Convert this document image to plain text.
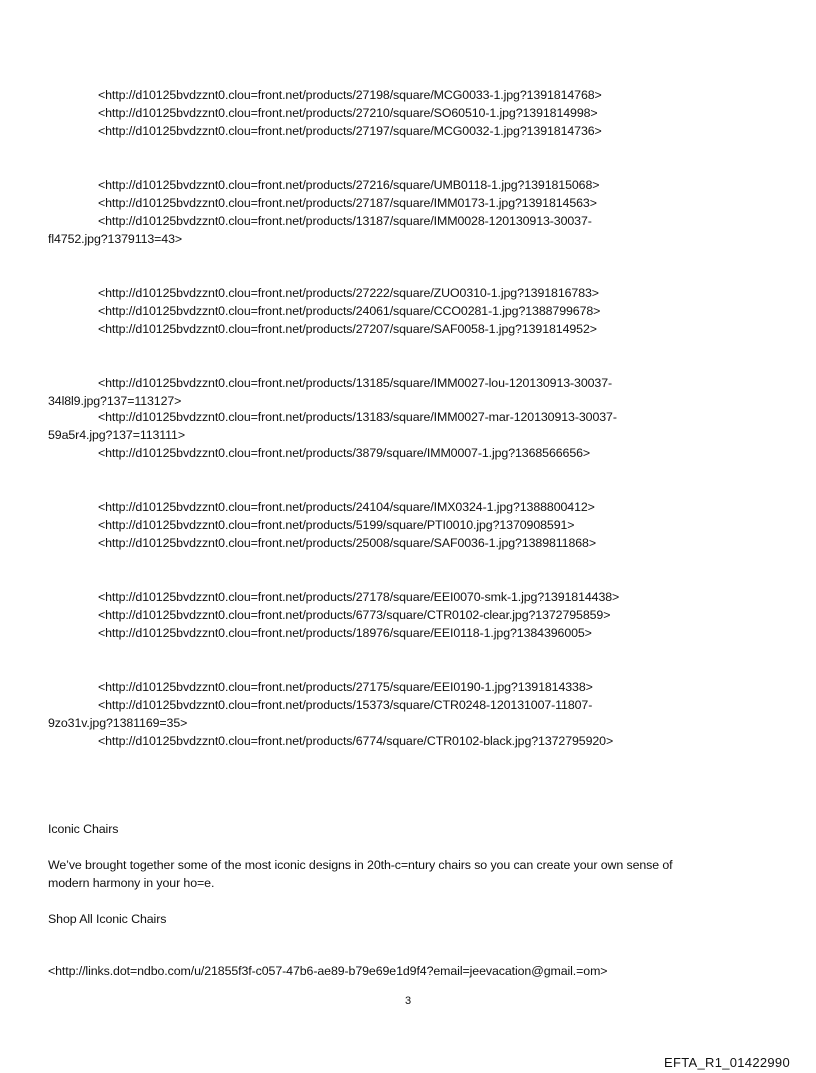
<http://d10125bvdzznt0.clou=front.net/products/27198/square/MCG0033-1.jpg?1391814768>
<http://d10125bvdzznt0.clou=front.net/products/27210/square/SO60510-1.jpg?1391814998>
<http://d10125bvdzznt0.clou=front.net/products/27197/square/MCG0032-1.jpg?1391814736>
<http://d10125bvdzznt0.clou=front.net/products/27216/square/UMB0118-1.jpg?1391815068>
<http://d10125bvdzznt0.clou=front.net/products/27187/square/IMM0173-1.jpg?1391814563>
<http://d10125bvdzznt0.clou=front.net/products/13187/square/IMM0028-120130913-30037-
fl4752.jpg?1379113=43>
<http://d10125bvdzznt0.clou=front.net/products/27222/square/ZUO0310-1.jpg?1391816783>
<http://d10125bvdzznt0.clou=front.net/products/24061/square/CCO0281-1.jpg?1388799678>
<http://d10125bvdzznt0.clou=front.net/products/27207/square/SAF0058-1.jpg?1391814952>
<http://d10125bvdzznt0.clou=front.net/products/13185/square/IMM0027-lou-120130913-30037-
34l8l9.jpg?137=113127>
<http://d10125bvdzznt0.clou=front.net/products/13183/square/IMM0027-mar-120130913-30037-
59a5r4.jpg?137=113111>
<http://d10125bvdzznt0.clou=front.net/products/3879/square/IMM0007-1.jpg?1368566656>
<http://d10125bvdzznt0.clou=front.net/products/24104/square/IMX0324-1.jpg?1388800412>
<http://d10125bvdzznt0.clou=front.net/products/5199/square/PTI0010.jpg?1370908591>
<http://d10125bvdzznt0.clou=front.net/products/25008/square/SAF0036-1.jpg?1389811868>
<http://d10125bvdzznt0.clou=front.net/products/27178/square/EEI0070-smk-1.jpg?1391814438>
<http://d10125bvdzznt0.clou=front.net/products/6773/square/CTR0102-clear.jpg?1372795859>
<http://d10125bvdzznt0.clou=front.net/products/18976/square/EEI0118-1.jpg?1384396005>
<http://d10125bvdzznt0.clou=front.net/products/27175/square/EEI0190-1.jpg?1391814338>
<http://d10125bvdzznt0.clou=front.net/products/15373/square/CTR0248-120131007-11807-
9zo31v.jpg?1381169=35>
<http://d10125bvdzznt0.clou=front.net/products/6774/square/CTR0102-black.jpg?1372795920>
Iconic Chairs
We’ve brought together some of the most iconic designs in 20th-c=ntury chairs so you can create your own sense of
modern harmony in your ho=e.
Shop All Iconic Chairs
<http://links.dot=ndbo.com/u/21855f3f-c057-47b6-ae89-b79e69e1d9f4?email=jeevacation@gmail.=om>
3
EFTA_R1_01422990
